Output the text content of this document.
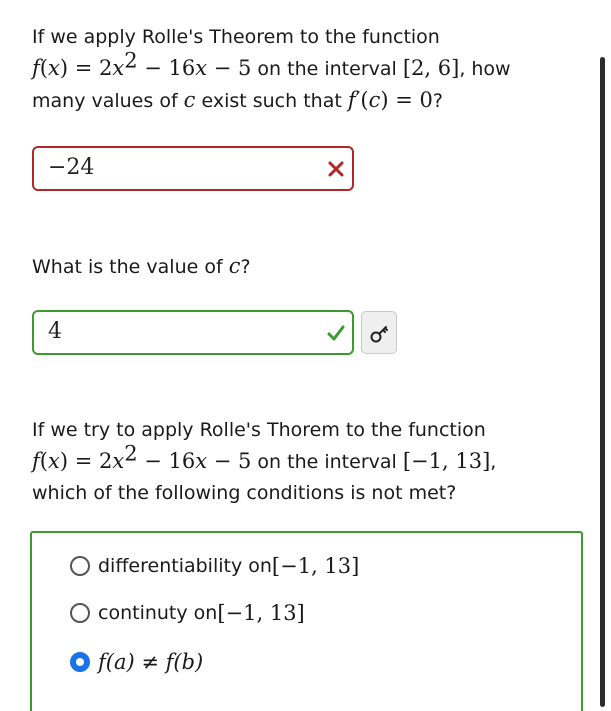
If we apply Rolle's Theorem to the function
$f(x) = 2x^2 - 16x - 5$ on the interval [2, 6], how
many values of c exist such that f′(c) = 0?
−24
What is the value of c?
4
If we try to apply Rolle's Thorem to the function
$f(x) = 2x^2 - 16x - 5$ on the interval [−1, 13],
which of the following conditions is not met?
differentiability on [−1, 13]
continuty on [−1, 13]
f(a) ≠ f(b)
